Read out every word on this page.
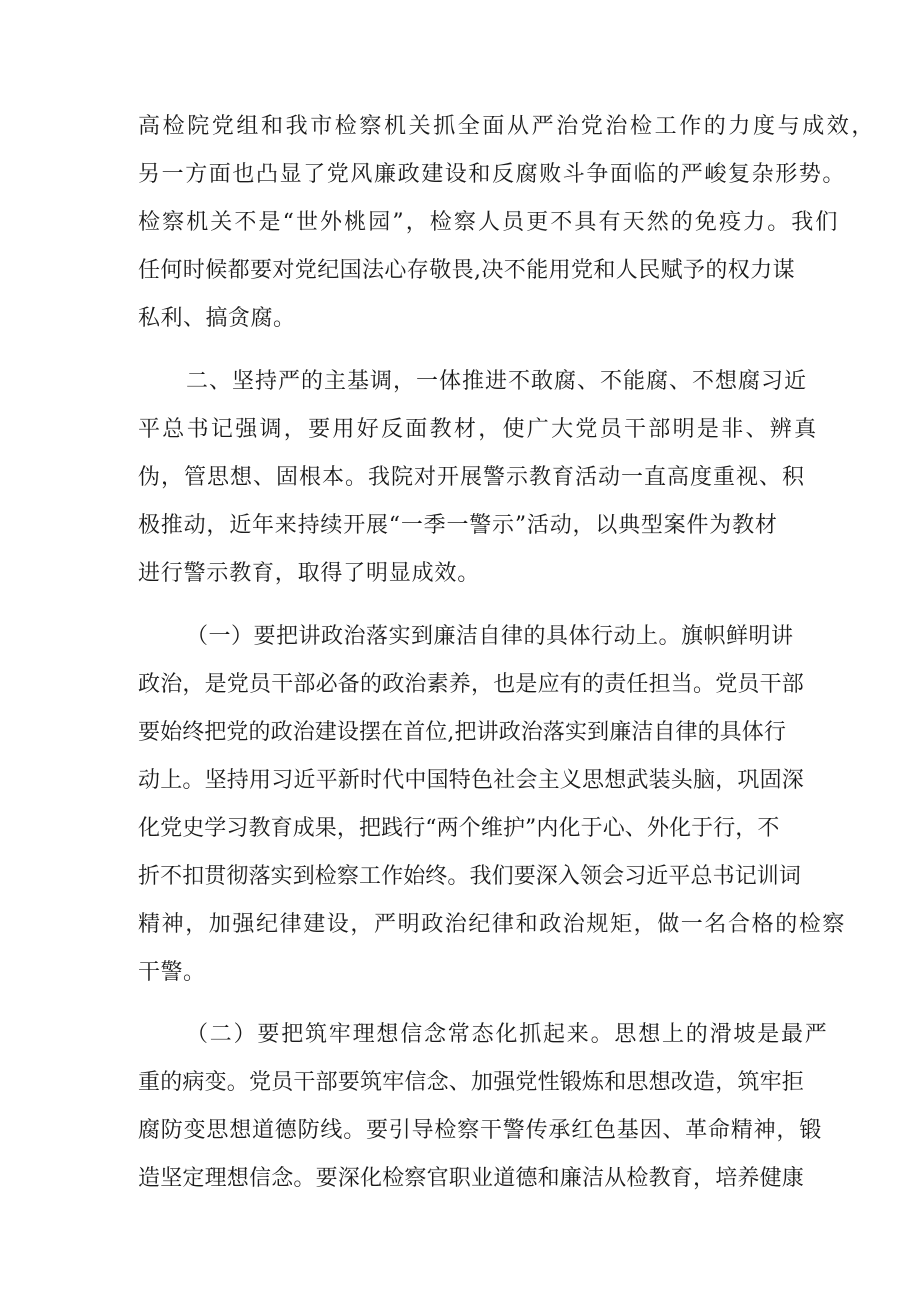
高检院党组和我市检察机关抓全面从严治党治检工作的力度与成效，

另一方面也凸显了党风廉政建设和反腐败斗争面临的严峻复杂形势。

检察机关不是“世外桃园”，检察人员更不具有天然的免疫力。我们

任何时候都要对党纪国法心存敬畏,决不能用党和人民赋予的权力谋

私利、搞贪腐。

二、坚持严的主基调，一体推进不敢腐、不能腐、不想腐习近

平总书记强调，要用好反面教材，使广大党员干部明是非、辨真

伪，管思想、固根本。我院对开展警示教育活动一直高度重视、积

极推动，近年来持续开展“一季一警示”活动，以典型案件为教材

进行警示教育，取得了明显成效。

（一）要把讲政治落实到廉洁自律的具体行动上。旗帜鲜明讲

政治，是党员干部必备的政治素养，也是应有的责任担当。党员干部

要始终把党的政治建设摆在首位,把讲政治落实到廉洁自律的具体行

动上。坚持用习近平新时代中国特色社会主义思想武装头脑，巩固深

化党史学习教育成果，把践行“两个维护”内化于心、外化于行，不

折不扣贯彻落实到检察工作始终。我们要深入领会习近平总书记训词

精神，加强纪律建设，严明政治纪律和政治规矩，做一名合格的检察

干警。

（二）要把筑牢理想信念常态化抓起来。思想上的滑坡是最严

重的病变。党员干部要筑牢信念、加强党性锻炼和思想改造，筑牢拒

腐防变思想道德防线。要引导检察干警传承红色基因、革命精神，锻

造坚定理想信念。要深化检察官职业道德和廉洁从检教育，培养健康
